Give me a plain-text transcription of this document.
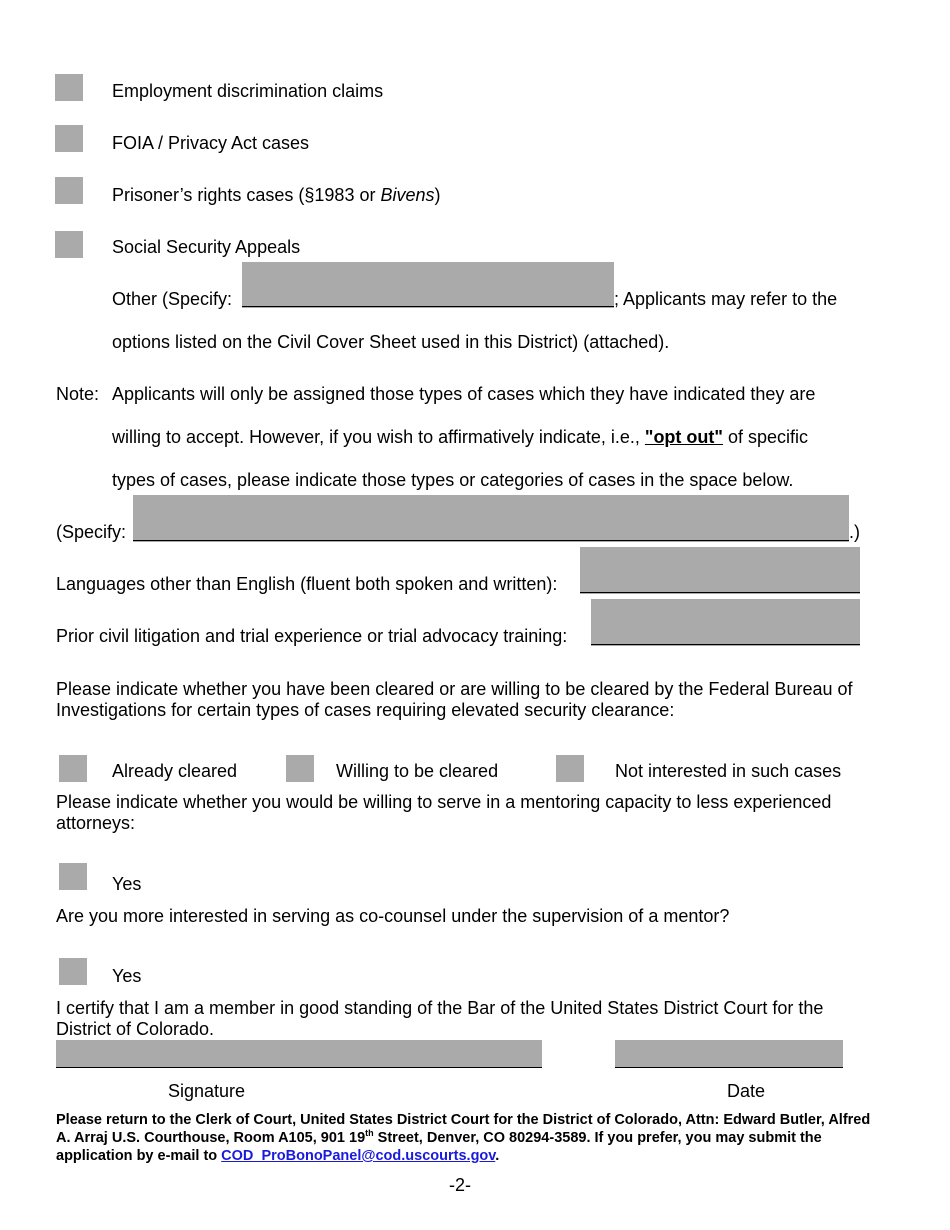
Employment discrimination claims
FOIA / Privacy Act cases
Prisoner’s rights cases (§1983 or Bivens)
Social Security Appeals
Other (Specify:	; Applicants may refer to the
options listed on the Civil Cover Sheet used in this District) (attached).
Note: Applicants will only be assigned those types of cases which they have indicated they are
willing to accept. However, if you wish to affirmatively indicate, i.e., "opt out" of specific
types of cases, please indicate those types or categories of cases in the space below.
(Specify:	.)
Languages other than English (fluent both spoken and written):
Prior civil litigation and trial experience or trial advocacy training:
Please indicate whether you have been cleared or are willing to be cleared by the Federal Bureau of Investigations for certain types of cases requiring elevated security clearance:
Already cleared	Willing to be cleared	Not interested in such cases
Please indicate whether you would be willing to serve in a mentoring capacity to less experienced attorneys:
Yes
Are you more interested in serving as co-counsel under the supervision of a mentor?
Yes
I certify that I am a member in good standing of the Bar of the United States District Court for the District of Colorado.
Signature	Date
Please return to the Clerk of Court, United States District Court for the District of Colorado, Attn: Edward Butler, Alfred A. Arraj U.S. Courthouse, Room A105, 901 19th Street, Denver, CO 80294-3589. If you prefer, you may submit the application by e-mail to COD_ProBonoPanel@cod.uscourts.gov.
-2-
